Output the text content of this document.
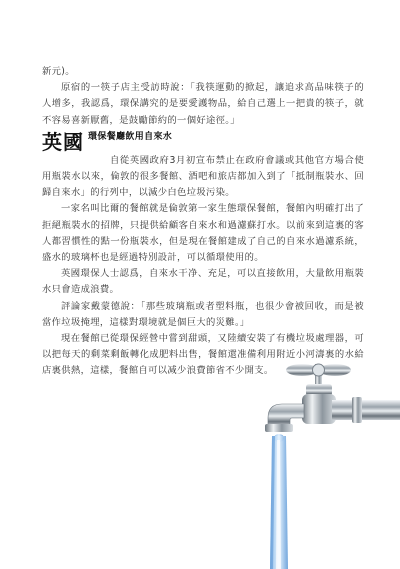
新元)。

原宿的一筷子店主受訪時說：「我筷運動的掀起，讓追求高品味筷子的人增多，我認爲，環保講究的是要愛護物品，給自己選上一把貴的筷子，就不容易喜新厭舊，是鼓勵節約的一個好途徑。」

英國 環保餐廳飲用自來水

自從英國政府3月初宣布禁止在政府會議或其他官方場合使用瓶裝水以來，倫敦的很多餐館、酒吧和旅店都加入到了「抵制瓶裝水、回歸自來水」的行列中，以減少白色垃圾污染。

一家名叫比爾的餐館就是倫敦第一家生態環保餐館，餐館內明確打出了拒絕瓶裝水的招牌，只提供給顧客自來水和過濾蘇打水。以前來到這裏的客人都習慣性的點一份瓶裝水，但是現在餐館建成了自己的自來水過濾系統，盛水的玻璃杯也是經過特別設計，可以循環使用的。

英國環保人士認爲，自來水干净、充足，可以直接飲用，大量飲用瓶裝水只會造成浪費。

評論家戴蒙德說：「那些玻璃瓶或者塑料瓶，也很少會被回收，而是被當作垃圾掩埋，這樣對環境就是個巨大的災難。」

現在餐館已從環保經營中嘗到甜頭，又陸續安裝了有機垃圾處理器，可以把每天的剩菜剩飯轉化成肥料出售，餐館還准備利用附近小河濤裏的水給店裏供熱，這樣，餐館自可以减少浪費節省不少開支。
